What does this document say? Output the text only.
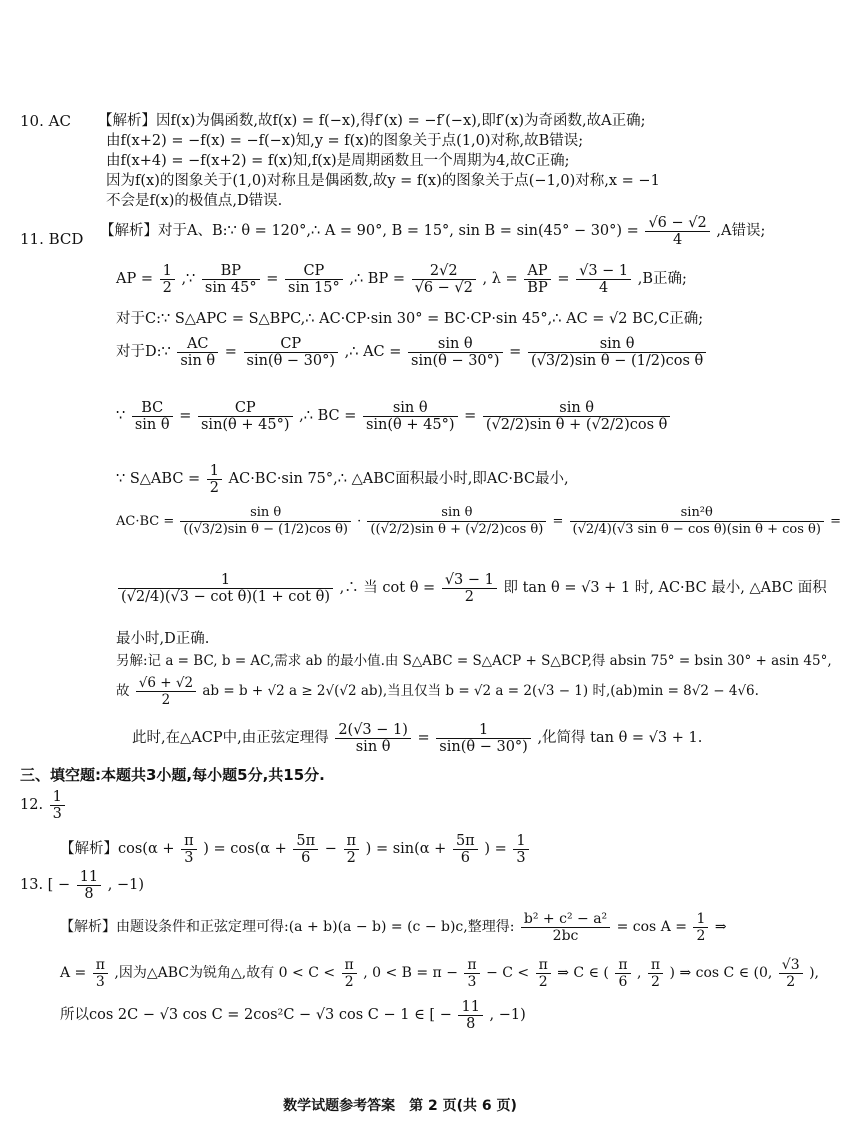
10. AC 【解析】因f(x)为偶函数,故f(x) = f(−x),得f′(x) = −f′(−x),即f′(x)为奇函数,故A正确;
由f(x+2) = −f(x) = −f(−x)知,y = f(x)的图象关于点(1,0)对称,故B错误;
由f(x+4) = −f(x+2) = f(x)知,f(x)是周期函数且一个周期为4,故C正确;
因为f(x)的图象关于(1,0)对称且是偶函数,故y = f(x)的图象关于点(−1,0)对称,x = −1
不会是f(x)的极值点,D错误.
11. BCD 【解析】对于A、B:∵ θ = 120°,∴ A = 90°, B = 15°, $\sin B = \sin(45^\circ - 30^\circ) = \frac{√6 - √2}{4} ,A$错误;
AP = $\frac{1}{2}$ ,∵ $\frac{BP}{\sin 45^\circ} = \frac{CP}{\sin 15^\circ}$ ,∴ BP = $\frac{2√2}{√6 - √2}$ , $\lambda = \frac{AP}{BP} = \frac{√3 - 1}{4} ,B$正确;
对于C:∵ S△APC = S△BPC,∴ AC·CP·sin 30° = BC·CP·sin 45°,∴ AC = √2 BC,C正确;
对于D:∵ $\frac{AC}{\text{sin θ}} = \frac{CP}{\sin(\theta - 30^\circ)}$ ,∴ AC = $\frac{\text{sin θ}}{\sin(\theta - 30^\circ)} = \frac{\text{sin θ}}{\text{(√3/2)sin θ − (1/2)cos θ}}$
∵ $\frac{BC}{\text{sin θ}} = \frac{CP}{\sin(\theta + 45^\circ)}$ ,∴ BC = $\frac{\text{sin θ}}{\sin(\theta + 45^\circ)} = \frac{\text{sin θ}}{\text{(√2/2)sin θ + (√2/2)cos θ}}$
∵ S△ABC = $\frac{1}{2} AC\cdot BC\cdot\sin$ 75°,∴ △ABC面积最小时,即AC·BC最小,
$AC\cdot BC = \frac{\text{sin θ}}{\text{((√3/2)sin θ − (1/2)cos θ)}} \cdot \frac{\text{sin θ}}{\text{((√2/2)sin θ + (√2/2)cos θ)}} = \frac{\text{sin²θ}}{\text{(√2/4)(√3 sin θ − cos θ)(sin θ + cos θ)}}$ =
$\frac{1}{\text{(√2/4)(√3 − cot θ)(1 + cot θ)}}$ ,∴ 当 $\cot \theta = \frac{√3 - 1}{2}$ 即 tan θ = √3 + 1 时, AC·BC 最小, △ABC 面积
最小时,D正确.
另解:记 a = BC, b = AC,需求 ab 的最小值.由 S△ABC = S△ACP + S△BCP,得 absin 75° = bsin 30° + asin 45°,
故 $\frac{√6 + √2}{2}$ ab = b + √2 a ≥ 2√(√2 ab),当且仅当 b = √2 a = 2(√3 − 1) 时,(ab)min = 8√2 − 4√6.
此时,在△ACP中,由正弦定理得 $\frac{2(√3 - 1)}{\text{sin θ}} = \frac{1}{\sin(\theta - 30^\circ)}$ ,化简得 tan θ = √3 + 1.
三、填空题:本题共3小题,每小题5分,共15分.
12. $\frac{1}{3}$
【解析】$\cos(\alpha + \frac{\pi}{3}$ ) = $\cos(\alpha + \frac{5\pi}{6} - \frac{\pi}{2}$ ) = $\sin(\alpha + \frac{5\pi}{6}$ ) = $\frac{1}{3}$
13. [ − $\frac{11}{8}$ , −1)
【解析】由题设条件和正弦定理可得:(a + b)(a − b) = (c − b)c,整理得: $\frac{\text{b² + c² − a²}}{2bc} = \cos A = \frac{1}{2}$ ⇒
$A = \frac{\pi}{3}$ ,因为△ABC为锐角△,故有 $0 < C < \frac{\pi}{2}$ , $0 < B = \pi - \frac{\pi}{3} - C < \frac{\pi}{2}$ ⇒ C ∈ ( $\frac{\pi}{6}$ , $\frac{\pi}{2}$ ) ⇒ cos C ∈ (0, $\frac{√3}{2}$ ),
所以cos 2C − √3 cos C = 2cos²C − √3 cos C − 1 ∈ [ − $\frac{11}{8}$ , −1)
数学试题参考答案　第 2 页(共 6 页)
